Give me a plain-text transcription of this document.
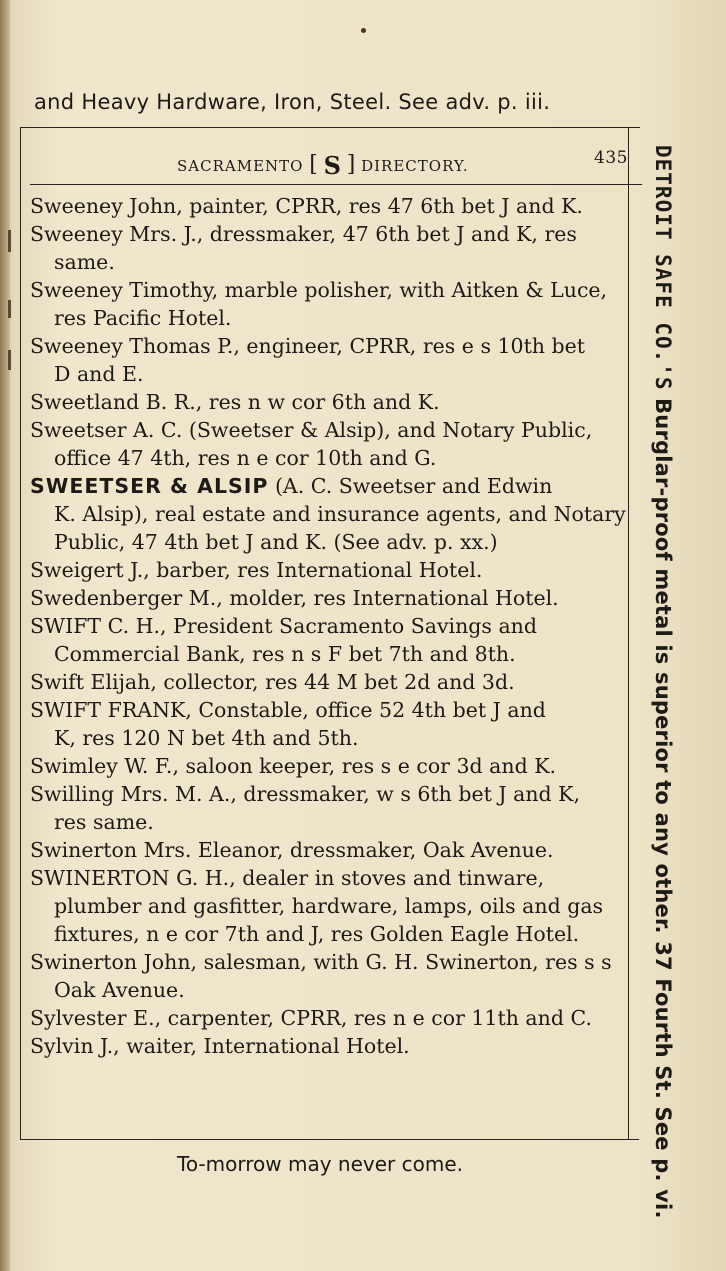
and Heavy Hardware, Iron, Steel. See adv. p. iii.
SACRAMENTO [ S ] DIRECTORY.	435
Sweeney John, painter, CPRR, res 47 6th bet J and K.
Sweeney Mrs. J., dressmaker, 47 6th bet J and K, res
same.
Sweeney Timothy, marble polisher, with Aitken & Luce,
res Pacific Hotel.
Sweeney Thomas P., engineer, CPRR, res e s 10th bet
D and E.
Sweetland B. R., res n w cor 6th and K.
Sweetser A. C. (Sweetser & Alsip), and Notary Public,
office 47 4th, res n e cor 10th and G.
SWEETSER & ALSIP (A. C. Sweetser and Edwin
K. Alsip), real estate and insurance agents, and Notary
Public, 47 4th bet J and K. (See adv. p. xx.)
Sweigert J., barber, res International Hotel.
Swedenberger M., molder, res International Hotel.
SWIFT C. H., President Sacramento Savings and
Commercial Bank, res n s F bet 7th and 8th.
Swift Elijah, collector, res 44 M bet 2d and 3d.
SWIFT FRANK, Constable, office 52 4th bet J and
K, res 120 N bet 4th and 5th.
Swimley W. F., saloon keeper, res s e cor 3d and K.
Swilling Mrs. M. A., dressmaker, w s 6th bet J and K,
res same.
Swinerton Mrs. Eleanor, dressmaker, Oak Avenue.
SWINERTON G. H., dealer in stoves and tinware,
plumber and gasfitter, hardware, lamps, oils and gas
fixtures, n e cor 7th and J, res Golden Eagle Hotel.
Swinerton John, salesman, with G. H. Swinerton, res s s
Oak Avenue.
Sylvester E., carpenter, CPRR, res n e cor 11th and C.
Sylvin J., waiter, International Hotel.
DETROIT SAFE CO.'S Burglar-proof metal is superior to any other. 37 Fourth St. See p. vi.
To-morrow may never come.
